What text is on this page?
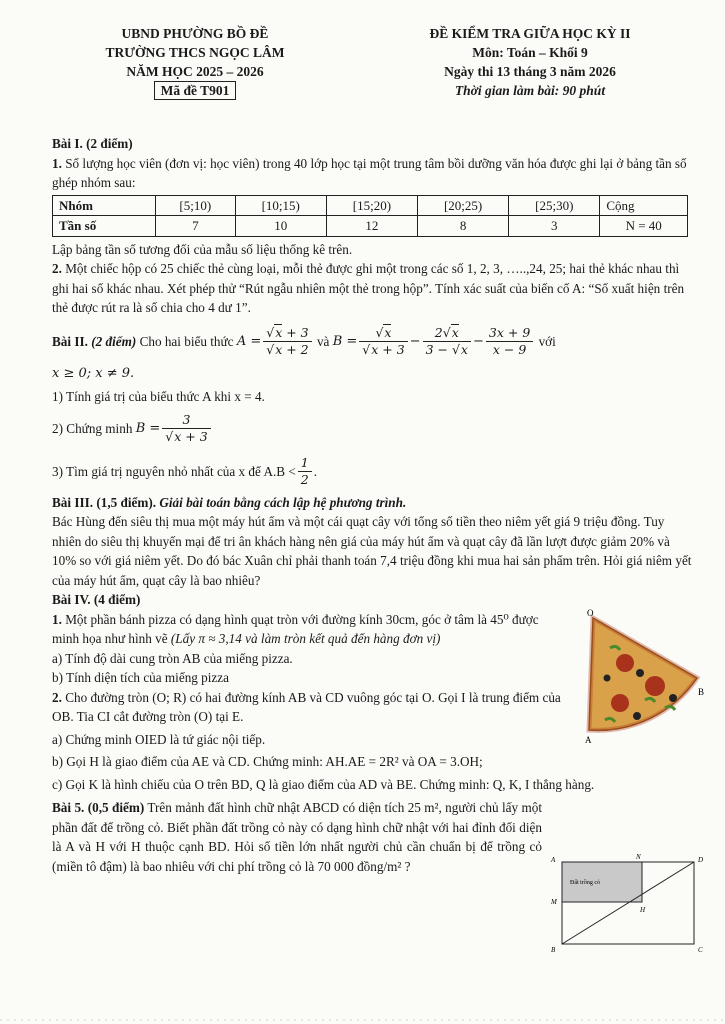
UBND PHƯỜNG BỒ ĐỀ
TRƯỜNG THCS NGỌC LÂM
NĂM HỌC 2025 – 2026
Mã đề T901
ĐỀ KIỂM TRA GIỮA HỌC KỲ II
Môn: Toán – Khối 9
Ngày thi 13 tháng 3 năm 2026
Thời gian làm bài: 90 phút

Bài I. (2 điểm)

1. Số lượng học viên (đơn vị: học viên) trong 40 lớp học tại một trung tâm bồi dưỡng văn hóa được ghi lại ở bảng tần số ghép nhóm sau:

Nhóm	[5;10)	[10;15)	[15;20)	[20;25)	[25;30)	Cộng
Tần số	7	10	12	8	3	N = 40

Lập bảng tần số tương đối của mẫu số liệu thống kê trên.

2. Một chiếc hộp có 25 chiếc thẻ cùng loại, mỗi thẻ được ghi một trong các số 1, 2, 3, …..,24, 25; hai thẻ khác nhau thì ghi hai số khác nhau. Xét phép thử “Rút ngẫu nhiên một thẻ trong hộp”. Tính xác suất của biến cố A: “Số xuất hiện trên thẻ được rút ra là số chia cho 4 dư 1”.

Bài II.
(2 điểm)
Cho hai biểu thức
$A = \frac{√x + 3}{√x + 2}$
và
$B = \frac{√x}{√x + 3} - \frac{2√x}{3 - √x} - \frac{3x + 9}{x - 9}$
với

x ≥ 0; x ≠ 9.

1) Tính giá trị của biểu thức A khi x = 4.

2) Chứng minh
$B = \frac{3}{√x + 3}$
3) Tìm giá trị nguyên nhỏ nhất của x để $A.B < \frac{1}{2}$ .

Bài III. (1,5 điểm). Giải bài toán bằng cách lập hệ phương trình.

Bác Hùng đến siêu thị mua một máy hút ẩm và một cái quạt cây với tổng số tiền theo niêm yết giá 9 triệu đồng. Tuy nhiên do siêu thị khuyến mại để tri ân khách hàng nên giá của máy hút ẩm và quạt cây đã lần lượt được giảm 20% và 10% so với giá niêm yết. Do đó bác Xuân chỉ phải thanh toán 7,4 triệu đồng khi mua hai sản phẩm trên. Hỏi giá niêm yết của máy hút ẩm, quạt cây là bao nhiêu?

Bài IV. (4 điểm)

1. Một phần bánh pizza có dạng hình quạt tròn với đường kính 30cm, góc ở tâm là 45⁰ được minh họa như hình vẽ (Lấy π ≈ 3,14 và làm tròn kết quả đến hàng đơn vị)

a) Tính độ dài cung tròn AB của miếng pizza.

b) Tính diện tích của miếng pizza

2. Cho đường tròn (O; R) có hai đường kính AB và CD vuông góc tại O. Gọi I là trung điểm của OB. Tia CI cắt đường tròn (O) tại E.

a) Chứng minh OIED là tứ giác nội tiếp.

b) Gọi H là giao điểm của AE và CD. Chứng minh: AH.AE = 2R² và OA = 3.OH;

c) Gọi K là hình chiếu của O trên BD, Q là giao điểm của AD và BE. Chứng minh: Q, K, I thẳng hàng.

Bài 5. (0,5 điểm) Trên mảnh đất hình chữ nhật ABCD có diện tích 25 m², người chủ lấy một phần đất để trồng cỏ. Biết phần đất trồng cỏ này có dạng hình chữ nhật với hai đỉnh đối diện là A và H với H thuộc cạnh BD. Hỏi số tiền lớn nhất người chủ cần chuẩn bị để trồng cỏ (miền tô đậm) là bao nhiêu với chi phí trồng cỏ là 70 000 đồng/m² ?

O
B
A
Đất trồng cỏ
A	N	D
M
H
B	C
